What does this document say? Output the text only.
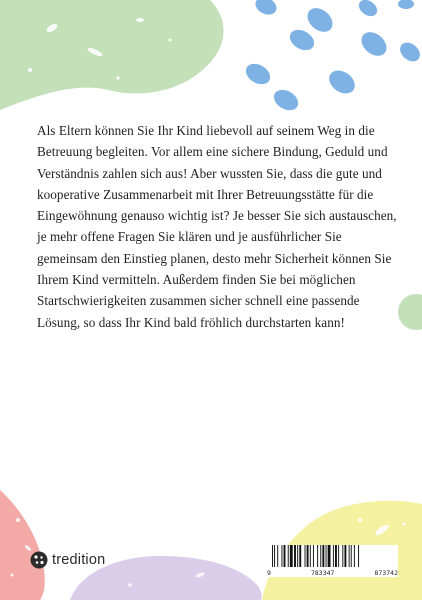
Als Eltern können Sie Ihr Kind liebevoll auf seinem Weg in die Betreuung begleiten. Vor allem eine sichere Bindung, Geduld und Verständnis zahlen sich aus! Aber wussten Sie, dass die gute und kooperative Zusammenarbeit mit Ihrer Betreuungsstätte für die Eingewöhnung genauso wichtig ist? Je besser Sie sich austauschen, je mehr offene Fragen Sie klären und je ausführlicher Sie gemeinsam den Einstieg planen, desto mehr Sicherheit können Sie Ihrem Kind vermitteln. Außerdem finden Sie bei möglichen Startschwierigkeiten zusammen sicher schnell eine passende Lösung, so dass Ihr Kind bald fröhlich durchstarten kann!

tredition
9	783347	873742
